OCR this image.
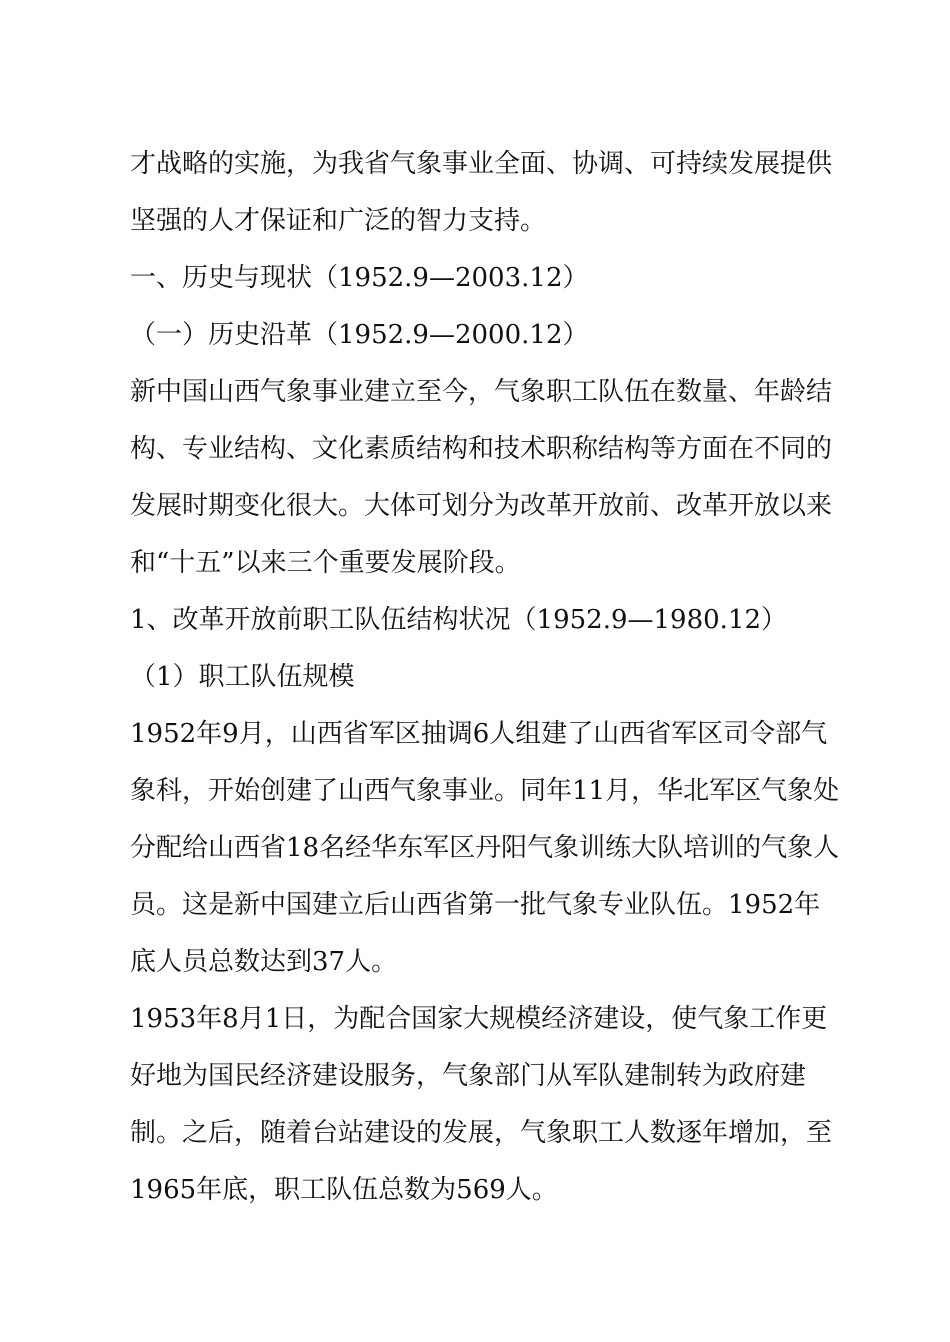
才战略的实施，为我省气象事业全面、协调、可持续发展提供坚强的人才保证和广泛的智力支持。

一、历史与现状（1952.9—2003.12）

（一）历史沿革（1952.9—2000.12）

新中国山西气象事业建立至今，气象职工队伍在数量、年龄结构、专业结构、文化素质结构和技术职称结构等方面在不同的发展时期变化很大。大体可划分为改革开放前、改革开放以来和“十五”以来三个重要发展阶段。

1、改革开放前职工队伍结构状况（1952.9—1980.12）

（1）职工队伍规模

1952年9月，山西省军区抽调6人组建了山西省军区司令部气象科，开始创建了山西气象事业。同年11月，华北军区气象处分配给山西省18名经华东军区丹阳气象训练大队培训的气象人员。这是新中国建立后山西省第一批气象专业队伍。1952年底人员总数达到37人。

1953年8月1日，为配合国家大规模经济建设，使气象工作更好地为国民经济建设服务，气象部门从军队建制转为政府建制。之后，随着台站建设的发展，气象职工人数逐年增加，至1965年底，职工队伍总数为569人。
